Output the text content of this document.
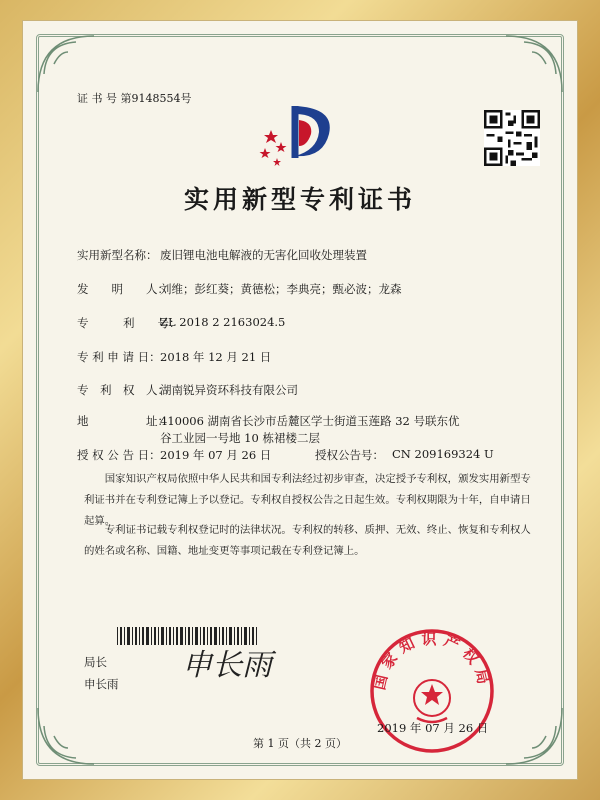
证 书 号 第9148554号

实用新型专利证书

实用新型名称： 废旧锂电池电解液的无害化回收处理装置

发　　明　　人：

刘维；彭红葵；黄德松；李典亮；甄必波；龙森

专　　　利　　号：

ZL 2018 2 2163024.5

专 利 申 请 日： 2018 年 12 月 21 日

专　利　权　人：

湖南锐异资环科技有限公司

地　　　　　址：

410006 湖南省长沙市岳麓区学士街道玉莲路 32 号联东优

谷工业园一号地 10 栋裙楼二层

授 权 公 告 日： 2019 年 07 月 26 日	授权公告号： CN 209169324 U

国家知识产权局依照中华人民共和国专利法经过初步审查，决定授予专利权，颁发实用新型专利证书并在专利登记簿上予以登记。专利权自授权公告之日起生效。专利权期限为十年，自申请日起算。

专利证书记载专利权登记时的法律状况。专利权的转移、质押、无效、终止、恢复和专利权人的姓名或名称、国籍、地址变更等事项记载在专利登记簿上。

局长

申长雨

申长雨	国家知识产权局

2019 年 07 月 26 日

第 1 页（共 2 页）
